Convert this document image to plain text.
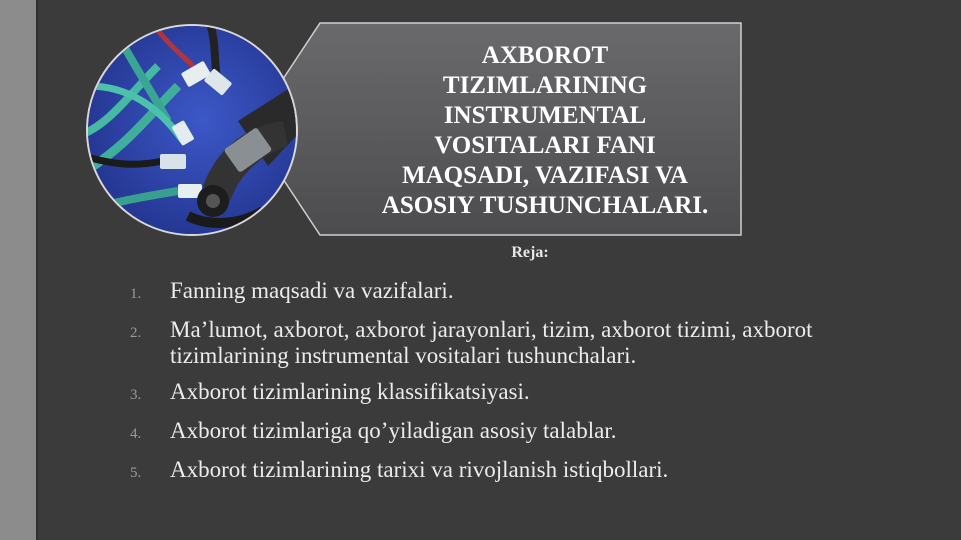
AXBOROT
TIZIMLARINING
INSTRUMENTAL
VOSITALARI FANI
MAQSADI, VAZIFASI VA
ASOSIY TUSHUNCHALARI.
Reja:
1.	Fanning maqsadi va vazifalari.
2.	Ma’lumot, axborot, axborot jarayonlari, tizim, axborot tizimi, axborot tizimlarining instrumental vositalari tushunchalari.
3.	Axborot tizimlarining klassifikatsiyasi.
4.	Axborot tizimlariga qo’yiladigan asosiy talablar.
5.	Axborot tizimlarining tarixi va rivojlanish istiqbollari.
